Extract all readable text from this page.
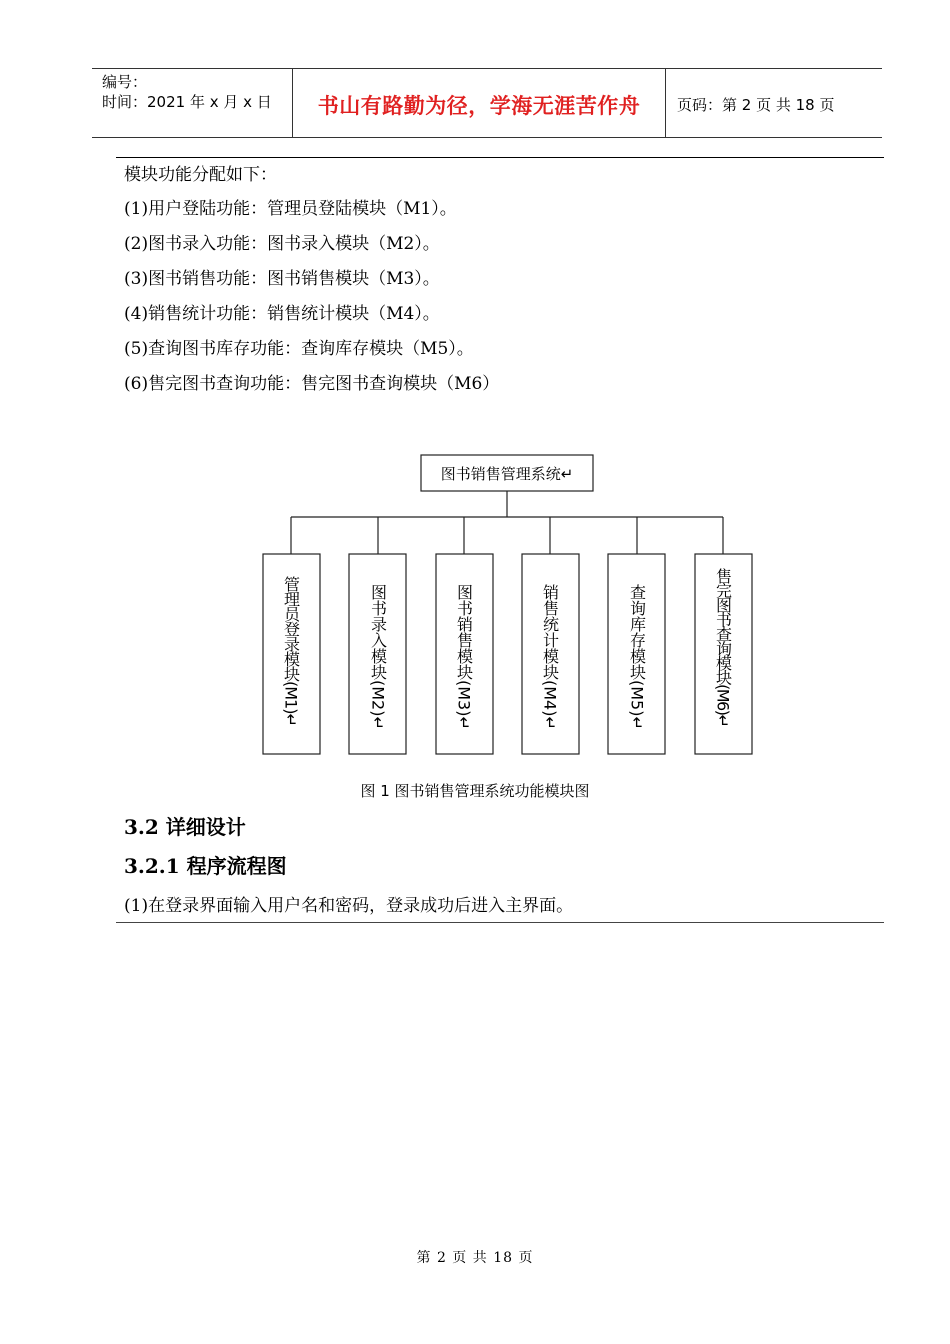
编号：
时间：2021 年 x 月 x 日	书山有路勤为径，学海无涯苦作舟	页码：第 2 页 共 18 页
模块功能分配如下：
(1)用户登陆功能：管理员登陆模块（M1）。
(2)图书录入功能：图书录入模块（M2）。
(3)图书销售功能：图书销售模块（M3）。
(4)销售统计功能：销售统计模块（M4）。
(5)查询图书库存功能：查询库存模块（M5）。
(6)售完图书查询功能：售完图书查询模块（M6）
图书销售管理系统↵
管理员登录模块(M1)↵	图书录入模块(M2)↵	图书销售模块(M3)↵	销售统计模块(M4)↵	查询库存模块(M5)↵	售完图书查询模块(M6)↵
图 1 图书销售管理系统功能模块图
3.2 详细设计
3.2.1 程序流程图
(1)在登录界面输入用户名和密码，登录成功后进入主界面。
第 2 页 共 18 页
